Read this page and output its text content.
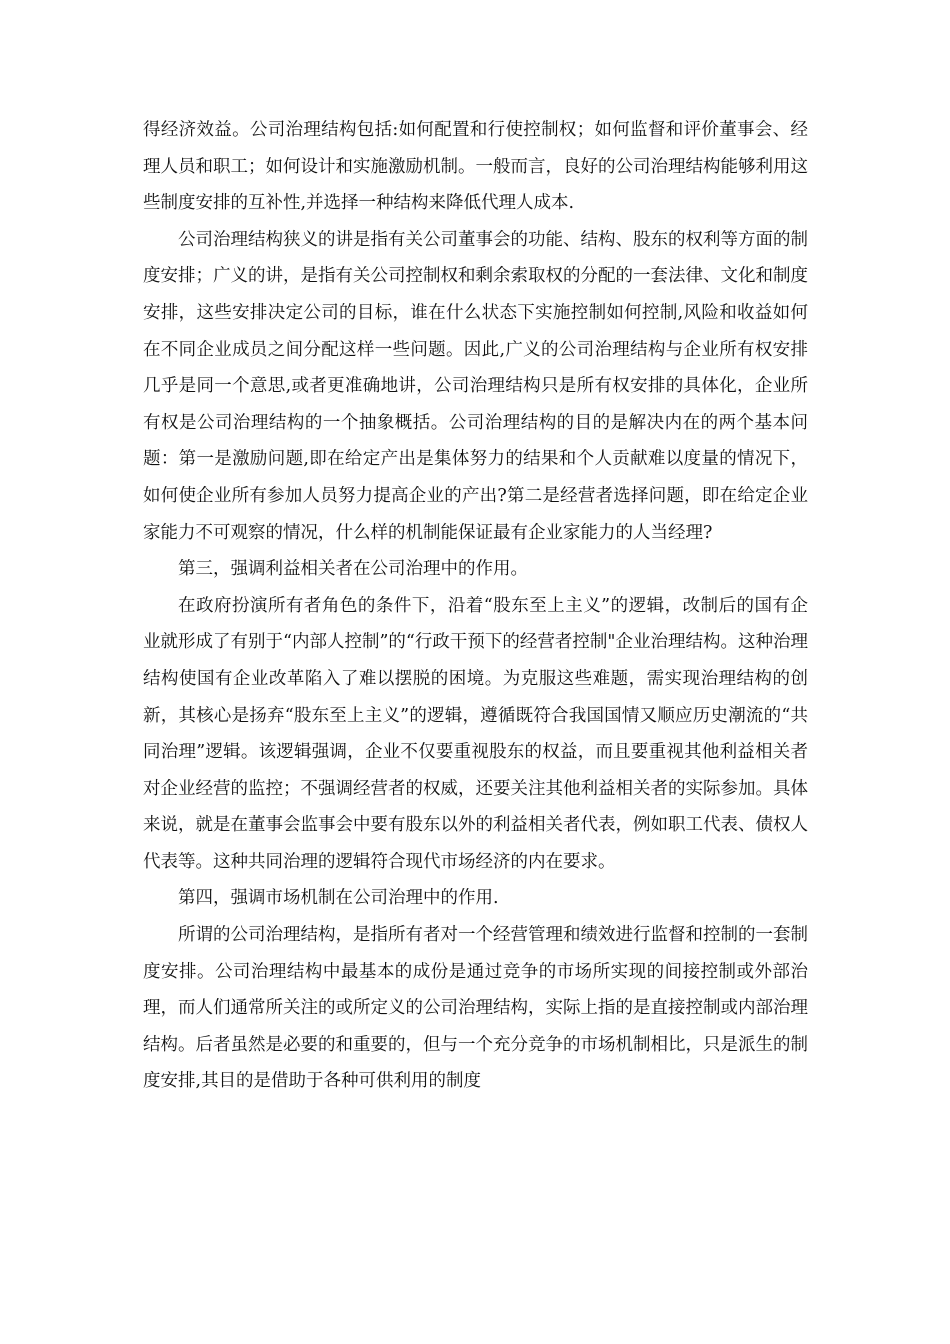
得经济效益。公司治理结构包括:如何配置和行使控制权；如何监督和评价董事会、经理人员和职工；如何设计和实施激励机制。一般而言，良好的公司治理结构能够利用这些制度安排的互补性,并选择一种结构来降低代理人成本.

公司治理结构狭义的讲是指有关公司董事会的功能、结构、股东的权利等方面的制度安排；广义的讲，是指有关公司控制权和剩余索取权的分配的一套法律、文化和制度安排，这些安排决定公司的目标，谁在什么状态下实施控制如何控制,风险和收益如何在不同企业成员之间分配这样一些问题。因此,广义的公司治理结构与企业所有权安排几乎是同一个意思,或者更准确地讲，公司治理结构只是所有权安排的具体化，企业所有权是公司治理结构的一个抽象概括。公司治理结构的目的是解决内在的两个基本问题：第一是激励问题,即在给定产出是集体努力的结果和个人贡献难以度量的情况下，如何使企业所有参加人员努力提高企业的产出?第二是经营者选择问题，即在给定企业家能力不可观察的情况，什么样的机制能保证最有企业家能力的人当经理?

第三，强调利益相关者在公司治理中的作用。

在政府扮演所有者角色的条件下，沿着“股东至上主义”的逻辑，改制后的国有企业就形成了有别于“内部人控制”的“行政干预下的经营者控制"企业治理结构。这种治理结构使国有企业改革陷入了难以摆脱的困境。为克服这些难题，需实现治理结构的创新，其核心是扬弃“股东至上主义”的逻辑，遵循既符合我国国情又顺应历史潮流的“共同治理”逻辑。该逻辑强调，企业不仅要重视股东的权益，而且要重视其他利益相关者对企业经营的监控；不强调经营者的权威，还要关注其他利益相关者的实际参加。具体来说，就是在董事会监事会中要有股东以外的利益相关者代表，例如职工代表、债权人代表等。这种共同治理的逻辑符合现代市场经济的内在要求。

第四，强调市场机制在公司治理中的作用.

所谓的公司治理结构，是指所有者对一个经营管理和绩效进行监督和控制的一套制度安排。公司治理结构中最基本的成份是通过竞争的市场所实现的间接控制或外部治理，而人们通常所关注的或所定义的公司治理结构，实际上指的是直接控制或内部治理结构。后者虽然是必要的和重要的，但与一个充分竞争的市场机制相比，只是派生的制度安排,其目的是借助于各种可供利用的制度
